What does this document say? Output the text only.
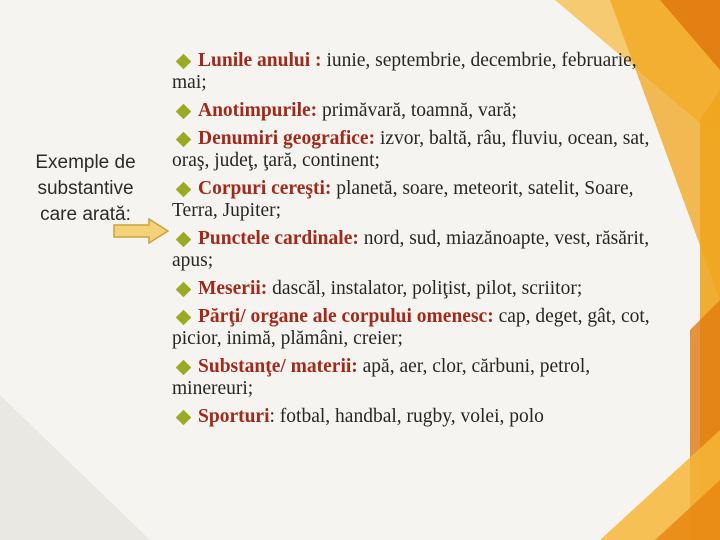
Exemple de substantive care arată:
Lunile anului : iunie, septembrie, decembrie, februarie, mai;
Anotimpurile: primăvară, toamnă, vară;
Denumiri geografice: izvor, baltă, râu, fluviu, ocean, sat, oraş, judeţ, ţară, continent;
Corpuri cereşti: planetă, soare, meteorit, satelit, Soare, Terra, Jupiter;
Punctele cardinale: nord, sud, miazănoapte, vest, răsărit, apus;
Meserii: dascăl, instalator, poliţist, pilot, scriitor;
Părţi/ organe ale corpului omenesc: cap, deget, gât, cot, picior, inimă, plămâni, creier;
Substanţe/ materii: apă, aer, clor, cărbuni, petrol, minereuri;
Sporturi: fotbal, handbal, rugby, volei, polo
